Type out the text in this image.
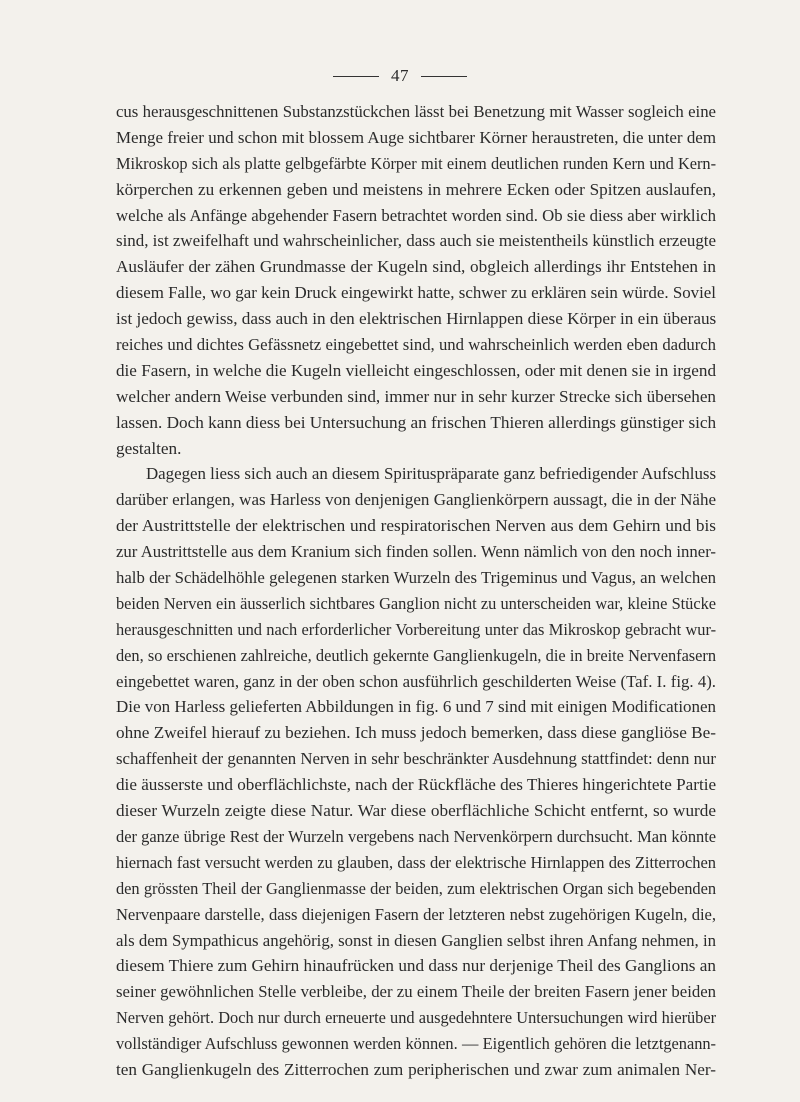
47
cus herausgeschnittenen Substanzstückchen lässt bei Benetzung mit Wasser sogleich eine
Menge freier und schon mit blossem Auge sichtbarer Körner heraustreten, die unter dem
Mikroskop sich als platte gelbgefärbte Körper mit einem deutlichen runden Kern und Kern-
körperchen zu erkennen geben und meistens in mehrere Ecken oder Spitzen auslaufen,
welche als Anfänge abgehender Fasern betrachtet worden sind. Ob sie diess aber wirklich
sind, ist zweifelhaft und wahrscheinlicher, dass auch sie meistentheils künstlich erzeugte
Ausläufer der zähen Grundmasse der Kugeln sind, obgleich allerdings ihr Entstehen in
diesem Falle, wo gar kein Druck eingewirkt hatte, schwer zu erklären sein würde. Soviel
ist jedoch gewiss, dass auch in den elektrischen Hirnlappen diese Körper in ein überaus
reiches und dichtes Gefässnetz eingebettet sind, und wahrscheinlich werden eben dadurch
die Fasern, in welche die Kugeln vielleicht eingeschlossen, oder mit denen sie in irgend
welcher andern Weise verbunden sind, immer nur in sehr kurzer Strecke sich übersehen
lassen. Doch kann diess bei Untersuchung an frischen Thieren allerdings günstiger sich
gestalten.
Dagegen liess sich auch an diesem Spirituspräparate ganz befriedigender Aufschluss
darüber erlangen, was Harless von denjenigen Ganglienkörpern aussagt, die in der Nähe
der Austrittstelle der elektrischen und respiratorischen Nerven aus dem Gehirn und bis
zur Austrittstelle aus dem Kranium sich finden sollen. Wenn nämlich von den noch inner-
halb der Schädelhöhle gelegenen starken Wurzeln des Trigeminus und Vagus, an welchen
beiden Nerven ein äusserlich sichtbares Ganglion nicht zu unterscheiden war, kleine Stücke
herausgeschnitten und nach erforderlicher Vorbereitung unter das Mikroskop gebracht wur-
den, so erschienen zahlreiche, deutlich gekernte Ganglienkugeln, die in breite Nervenfasern
eingebettet waren, ganz in der oben schon ausführlich geschilderten Weise (Taf. I. fig. 4).
Die von Harless gelieferten Abbildungen in fig. 6 und 7 sind mit einigen Modificationen
ohne Zweifel hierauf zu beziehen. Ich muss jedoch bemerken, dass diese gangliöse Be-
schaffenheit der genannten Nerven in sehr beschränkter Ausdehnung stattfindet: denn nur
die äusserste und oberflächlichste, nach der Rückfläche des Thieres hingerichtete Partie
dieser Wurzeln zeigte diese Natur. War diese oberflächliche Schicht entfernt, so wurde
der ganze übrige Rest der Wurzeln vergebens nach Nervenkörpern durchsucht. Man könnte
hiernach fast versucht werden zu glauben, dass der elektrische Hirnlappen des Zitterrochen
den grössten Theil der Ganglienmasse der beiden, zum elektrischen Organ sich begebenden
Nervenpaare darstelle, dass diejenigen Fasern der letzteren nebst zugehörigen Kugeln, die,
als dem Sympathicus angehörig, sonst in diesen Ganglien selbst ihren Anfang nehmen, in
diesem Thiere zum Gehirn hinaufrücken und dass nur derjenige Theil des Ganglions an
seiner gewöhnlichen Stelle verbleibe, der zu einem Theile der breiten Fasern jener beiden
Nerven gehört. Doch nur durch erneuerte und ausgedehntere Untersuchungen wird hierüber
vollständiger Aufschluss gewonnen werden können. — Eigentlich gehören die letztgenann-
ten Ganglienkugeln des Zitterrochen zum peripherischen und zwar zum animalen Ner-
